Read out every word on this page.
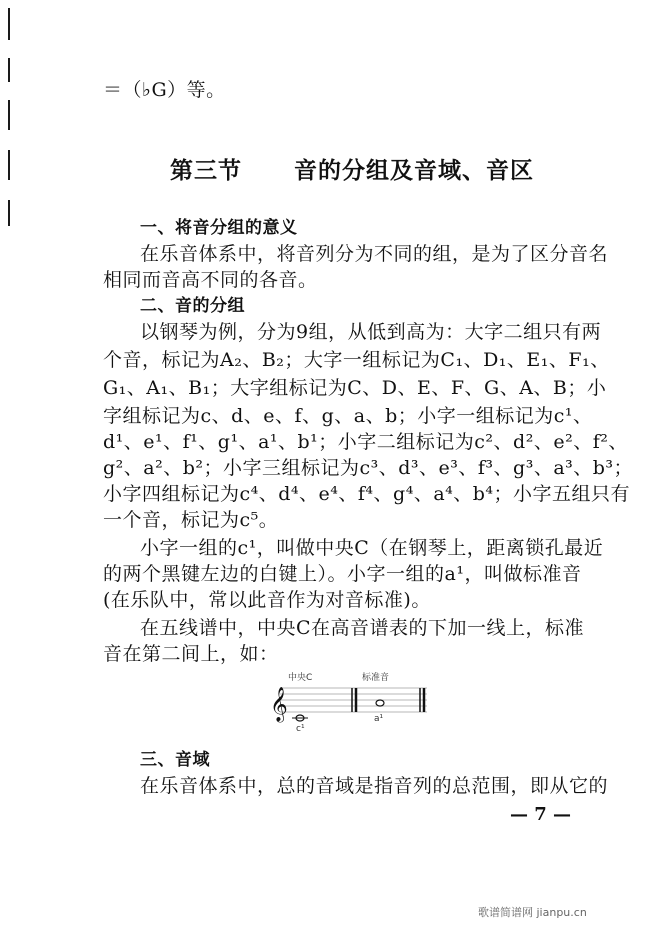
＝（♭G）等。
第三节 音的分组及音域、音区
一、将音分组的意义
在乐音体系中，将音列分为不同的组，是为了区分音名
相同而音高不同的各音。
二、音的分组
以钢琴为例，分为9组，从低到高为：大字二组只有两
个音，标记为A₂、B₂；大字一组标记为C₁、D₁、E₁、F₁、
G₁、A₁、B₁；大字组标记为C、D、E、F、G、A、B；小
字组标记为c、d、e、f、g、a、b；小字一组标记为c¹、
d¹、e¹、f¹、g¹、a¹、b¹；小字二组标记为c²、d²、e²、f²、
g²、a²、b²；小字三组标记为c³、d³、e³、f³、g³、a³、b³；
小字四组标记为c⁴、d⁴、e⁴、f⁴、g⁴、a⁴、b⁴；小字五组只有
一个音，标记为c⁵。
小字一组的c¹，叫做中央C（在钢琴上，距离锁孔最近
的两个黑键左边的白键上）。小字一组的a¹，叫做标准音
(在乐队中，常以此音作为对音标准)。
在五线谱中，中央C在高音谱表的下加一线上，标准
音在第二间上，如：
𝄞
中央C	标准音
c¹
a¹
三、音域
在乐音体系中，总的音域是指音列的总范围，即从它的
— 7 —
歌谱简谱网 jianpu.cn
